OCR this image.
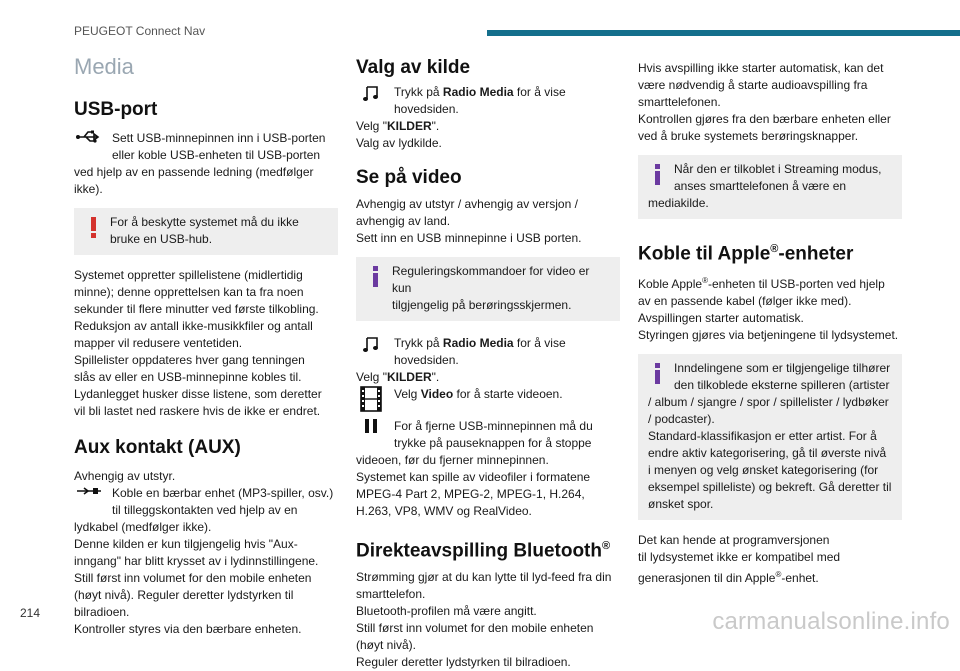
PEUGEOT Connect Nav
Media
USB-port
Sett USB-minnepinnen inn i USB-porten
eller koble USB-enheten til USB-porten

ved hjelp av en passende ledning (medfølger

ikke).

For å beskytte systemet må du ikke
bruke en USB-hub.

Systemet oppretter spillelistene (midlertidig

minne); denne opprettelsen kan ta fra noen

sekunder til flere minutter ved første tilkobling.

Reduksjon av antall ikke-musikkfiler og antall

mapper vil redusere ventetiden.

Spillelister oppdateres hver gang tenningen

slås av eller en USB-minnepinne kobles til.

Lydanlegget husker disse listene, som deretter

vil bli lastet ned raskere hvis de ikke er endret.

Aux kontakt (AUX)

Avhengig av utstyr.

Koble en bærbar enhet (MP3-spiller, osv.)
til tilleggskontakten ved hjelp av en

lydkabel (medfølger ikke).

Denne kilden er kun tilgjengelig hvis "Aux-

inngang" har blitt krysset av i lydinnstillingene.

Still først inn volumet for den mobile enheten

(høyt nivå). Reguler deretter lydstyrken til

bilradioen.

Kontroller styres via den bærbare enheten.

Valg av kilde
Trykk på Radio Media for å vise
hovedsiden.

Velg "KILDER".

Valg av lydkilde.

Se på video

Avhengig av utstyr / avhengig av versjon /

avhengig av land.

Sett inn en USB minnepinne i USB porten.

Reguleringskommandoer for video er kun
tilgjengelig på berøringsskjermen.
Trykk på Radio Media for å vise
hovedsiden.

Velg "KILDER".

Velg Video for å starte videoen.
For å fjerne USB-minnepinnen må du
trykke på pauseknappen for å stoppe

videoen, før du fjerner minnepinnen.

Systemet kan spille av videofiler i formatene

MPEG-4 Part 2, MPEG-2, MPEG-1, H.264,

H.263, VP8, WMV og RealVideo.

Direkteavspilling Bluetooth®

Strømming gjør at du kan lytte til lyd-feed fra din

smarttelefon.

Bluetooth-profilen må være angitt.

Still først inn volumet for den mobile enheten

(høyt nivå).

Reguler deretter lydstyrken til bilradioen.

Hvis avspilling ikke starter automatisk, kan det

være nødvendig å starte audioavspilling fra

smarttelefonen.

Kontrollen gjøres fra den bærbare enheten eller

ved å bruke systemets berøringsknapper.

Når den er tilkoblet i Streaming modus,
anses smarttelefonen å være en
mediakilde.
Koble til Apple®-enheter

Koble Apple®-enheten til USB-porten ved hjelp

av en passende kabel (følger ikke med).

Avspillingen starter automatisk.

Styringen gjøres via betjeningene til lydsystemet.

Inndelingene som er tilgjengelige tilhører
den tilkoblede eksterne spilleren (artister
/ album / sjangre / spor / spillelister / lydbøker
/ podcaster).
Standard-klassifikasjon er etter artist. For å
endre aktiv kategorisering, gå til øverste nivå
i menyen og velg ønsket kategorisering (for
eksempel spilleliste) og bekreft. Gå deretter til
ønsket spor.

Det kan hende at programversjonen

til lydsystemet ikke er kompatibel med

generasjonen til din Apple®-enhet.

214	carmanualsonline.info
